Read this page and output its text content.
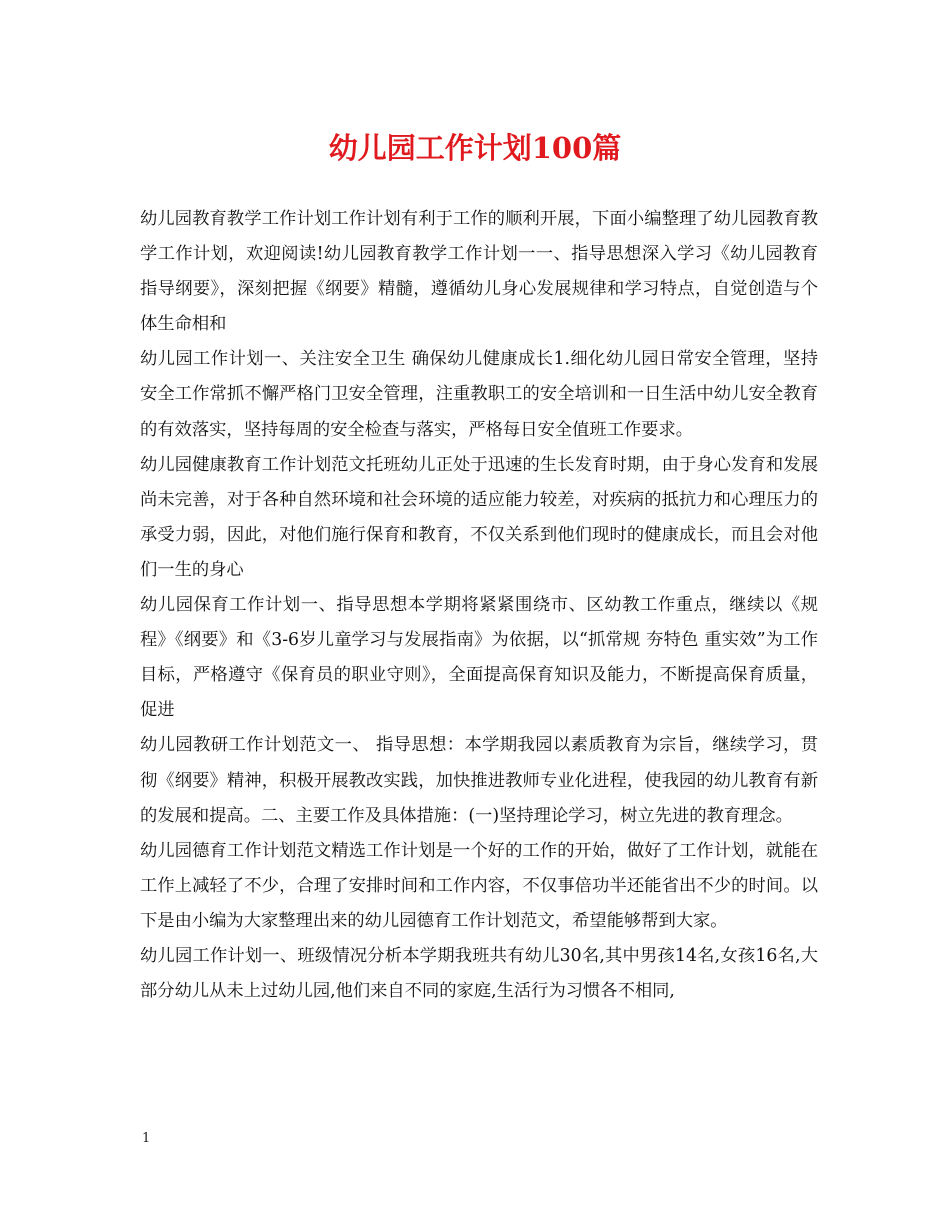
幼儿园工作计划100篇

幼儿园教育教学工作计划工作计划有利于工作的顺利开展，下面小编整理了幼儿园教育教学工作计划，欢迎阅读!幼儿园教育教学工作计划一一、指导思想深入学习《幼儿园教育指导纲要》，深刻把握《纲要》精髓，遵循幼儿身心发展规律和学习特点，自觉创造与个体生命相和

幼儿园工作计划一、关注安全卫生 确保幼儿健康成长1.细化幼儿园日常安全管理，坚持安全工作常抓不懈严格门卫安全管理，注重教职工的安全培训和一日生活中幼儿安全教育的有效落实，坚持每周的安全检查与落实，严格每日安全值班工作要求。

幼儿园健康教育工作计划范文托班幼儿正处于迅速的生长发育时期，由于身心发育和发展尚未完善，对于各种自然环境和社会环境的适应能力较差，对疾病的抵抗力和心理压力的承受力弱，因此，对他们施行保育和教育，不仅关系到他们现时的健康成长，而且会对他们一生的身心

幼儿园保育工作计划一、指导思想本学期将紧紧围绕市、区幼教工作重点，继续以《规程》《纲要》和《3-6岁儿童学习与发展指南》为依据，以“抓常规 夯特色 重实效”为工作目标，严格遵守《保育员的职业守则》，全面提高保育知识及能力，不断提高保育质量，促进

幼儿园教研工作计划范文一、 指导思想：本学期我园以素质教育为宗旨，继续学习，贯彻《纲要》精神，积极开展教改实践，加快推进教师专业化进程，使我园的幼儿教育有新的发展和提高。二、主要工作及具体措施：(一)坚持理论学习，树立先进的教育理念。

幼儿园德育工作计划范文精选工作计划是一个好的工作的开始，做好了工作计划，就能在工作上减轻了不少，合理了安排时间和工作内容，不仅事倍功半还能省出不少的时间。以下是由小编为大家整理出来的幼儿园德育工作计划范文，希望能够帮到大家。

幼儿园工作计划一、班级情况分析本学期我班共有幼儿30名,其中男孩14名,女孩16名,大部分幼儿从未上过幼儿园,他们来自不同的家庭,生活行为习惯各不相同,

1
